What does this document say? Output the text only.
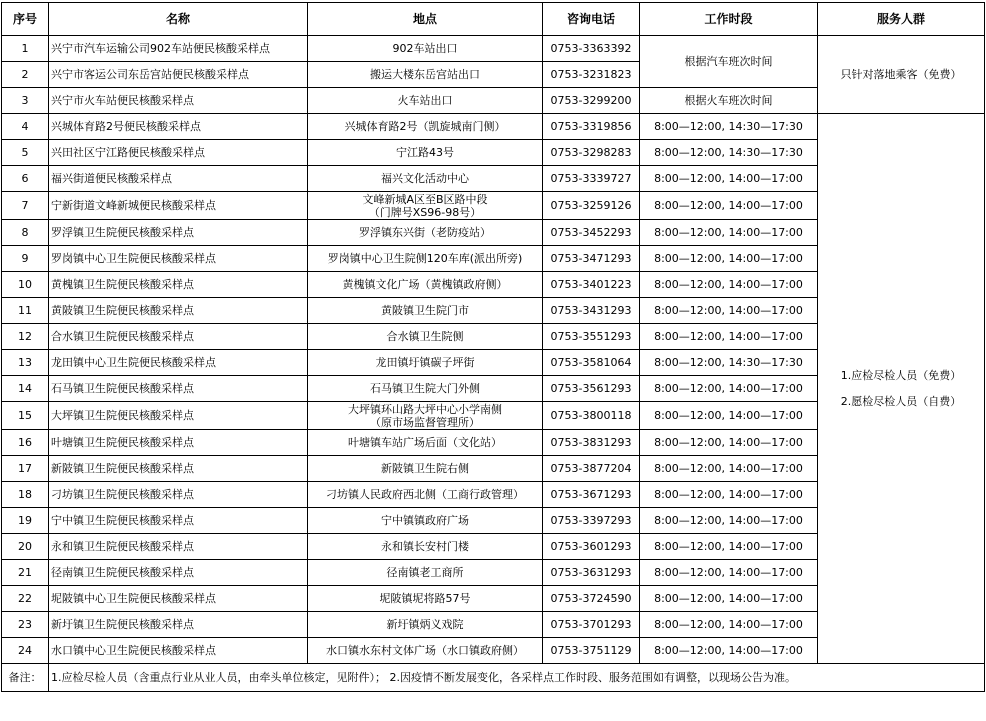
序号	名称	地点	咨询电话	工作时段	服务人群
1	兴宁市汽车运输公司902车站便民核酸采样点	902车站出口	0753-3363392	根据汽车班次时间	只针对落地乘客（免费）
2	兴宁市客运公司东岳宫站便民核酸采样点	搬运大楼东岳宫站出口	0753-3231823		
3	兴宁市火车站便民核酸采样点	火车站出口	0753-3299200	根据火车班次时间	
4	兴城体育路2号便民核酸采样点	兴城体育路2号（凯旋城南门侧）	0753-3319856	8:00—12:00, 14:30—17:30	1.应检尽检人员（免费）
2.愿检尽检人员（自费）

5	兴田社区宁江路便民核酸采样点	宁江路43号	0753-3298283	8:00—12:00, 14:30—17:30	
6	福兴街道便民核酸采样点	福兴文化活动中心	0753-3339727	8:00—12:00, 14:00—17:00	
7	宁新街道文峰新城便民核酸采样点	文峰新城A区至B区路中段
（门牌号XS96-98号）	0753-3259126	8:00—12:00, 14:00—17:00	
8	罗浮镇卫生院便民核酸采样点	罗浮镇东兴街（老防疫站）	0753-3452293	8:00—12:00, 14:00—17:00	
9	罗岗镇中心卫生院便民核酸采样点	罗岗镇中心卫生院侧120车库(派出所旁)	0753-3471293	8:00—12:00, 14:00—17:00	
10	黄槐镇卫生院便民核酸采样点	黄槐镇文化广场（黄槐镇政府侧）	0753-3401223	8:00—12:00, 14:00—17:00	
11	黄陂镇卫生院便民核酸采样点	黄陂镇卫生院门市	0753-3431293	8:00—12:00, 14:00—17:00	
12	合水镇卫生院便民核酸采样点	合水镇卫生院侧	0753-3551293	8:00—12:00, 14:00—17:00	
13	龙田镇中心卫生院便民核酸采样点	龙田镇圩镇碳子坪街	0753-3581064	8:00—12:00, 14:30—17:30	
14	石马镇卫生院便民核酸采样点	石马镇卫生院大门外侧	0753-3561293	8:00—12:00, 14:00—17:00	
15	大坪镇卫生院便民核酸采样点	大坪镇环山路大坪中心小学南侧
（原市场监督管理所）	0753-3800118	8:00—12:00, 14:00—17:00	
16	叶塘镇卫生院便民核酸采样点	叶塘镇车站广场后面（文化站）	0753-3831293	8:00—12:00, 14:00—17:00	
17	新陂镇卫生院便民核酸采样点	新陂镇卫生院右侧	0753-3877204	8:00—12:00, 14:00—17:00	
18	刁坊镇卫生院便民核酸采样点	刁坊镇人民政府西北侧（工商行政管理）	0753-3671293	8:00—12:00, 14:00—17:00	
19	宁中镇卫生院便民核酸采样点	宁中镇镇政府广场	0753-3397293	8:00—12:00, 14:00—17:00	
20	永和镇卫生院便民核酸采样点	永和镇长安村门楼	0753-3601293	8:00—12:00, 14:00—17:00	
21	径南镇卫生院便民核酸采样点	径南镇老工商所	0753-3631293	8:00—12:00, 14:00—17:00	
22	坭陂镇中心卫生院便民核酸采样点	坭陂镇坭将路57号	0753-3724590	8:00—12:00, 14:00—17:00	
23	新圩镇卫生院便民核酸采样点	新圩镇炳义戏院	0753-3701293	8:00—12:00, 14:00—17:00	
24	水口镇中心卫生院便民核酸采样点	水口镇水东村文体广场（水口镇政府侧）	0753-3751129	8:00—12:00, 14:00—17:00	
备注：	1.应检尽检人员（含重点行业从业人员，由牵头单位核定，见附件）； 2.因疫情不断发展变化，各采样点工作时段、服务范围如有调整，以现场公告为准。				
